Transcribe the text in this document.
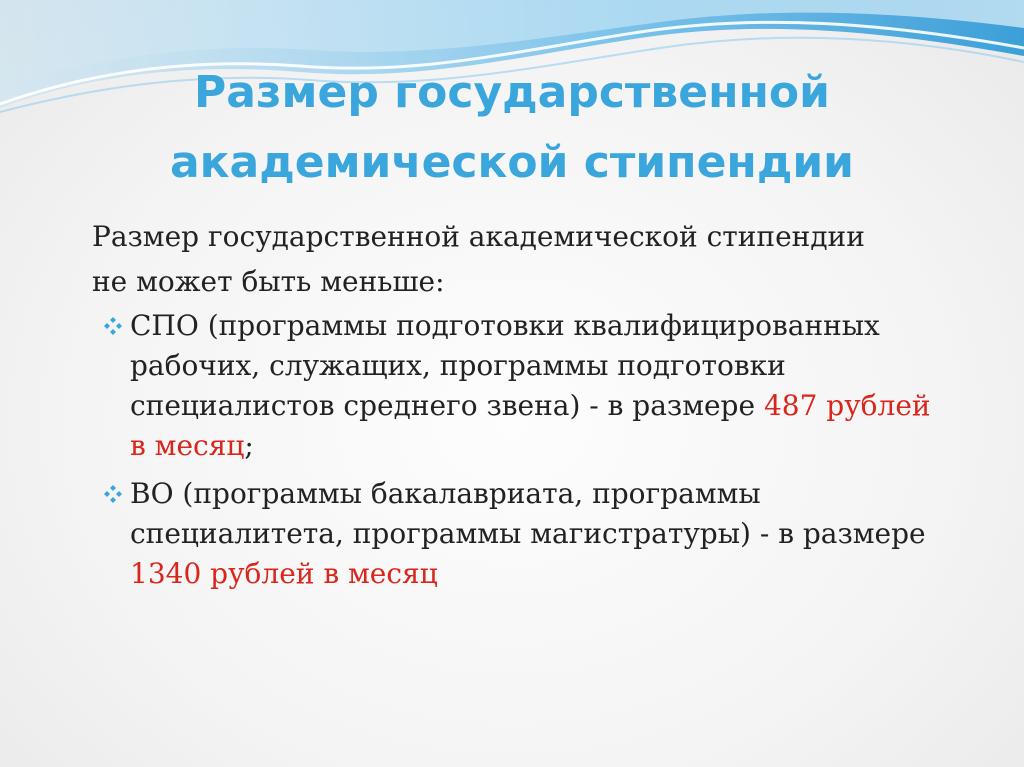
Размер государственной
академической стипендии

Размер государственной академической стипендии
не может быть меньше:

СПО (программы подготовки квалифицированных
рабочих, служащих, программы подготовки
специалистов среднего звена) - в размере 487 рублей
в месяц;
ВО (программы бакалавриата, программы
специалитета, программы магистратуры) - в размере
1340 рублей в месяц
